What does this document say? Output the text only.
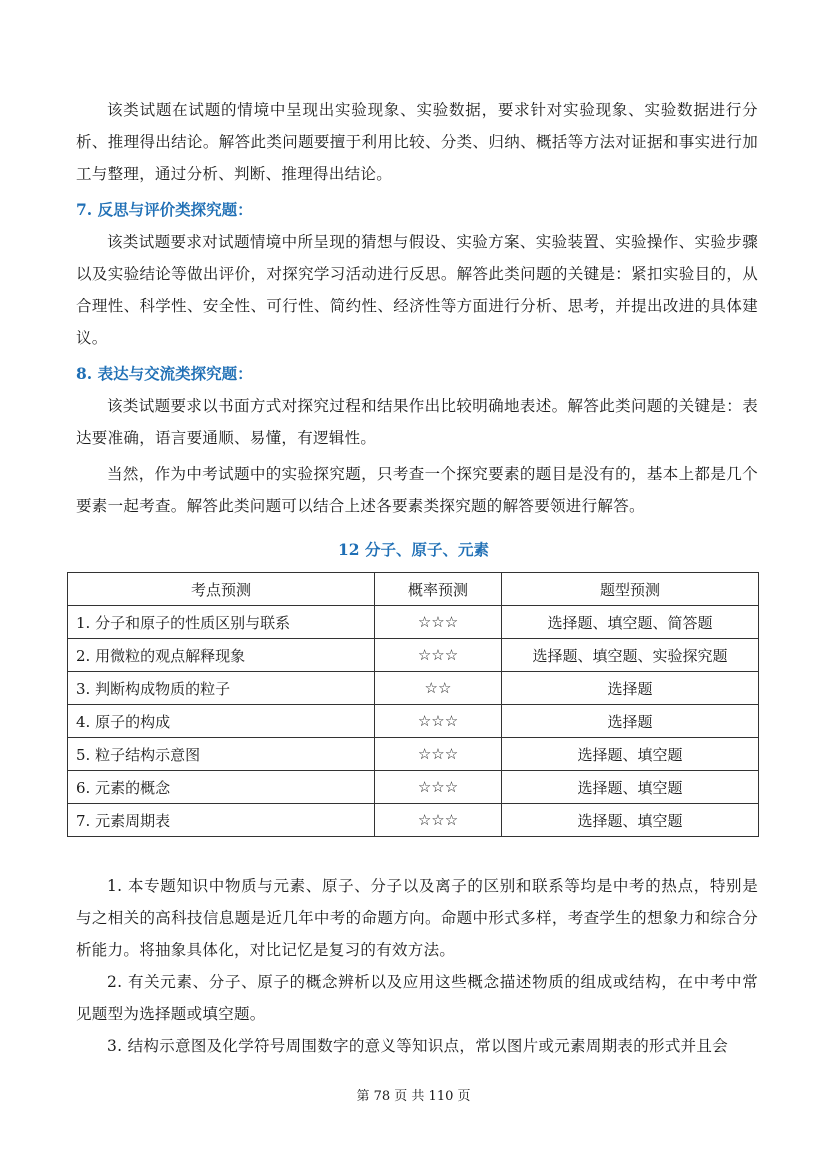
该类试题在试题的情境中呈现出实验现象、实验数据，要求针对实验现象、实验数据进行分析、推理得出结论。解答此类问题要擅于利用比较、分类、归纳、概括等方法对证据和事实进行加工与整理，通过分析、判断、推理得出结论。
7. 反思与评价类探究题：
该类试题要求对试题情境中所呈现的猜想与假设、实验方案、实验装置、实验操作、实验步骤以及实验结论等做出评价，对探究学习活动进行反思。解答此类问题的关键是：紧扣实验目的，从合理性、科学性、安全性、可行性、简约性、经济性等方面进行分析、思考，并提出改进的具体建议。
8. 表达与交流类探究题：
该类试题要求以书面方式对探究过程和结果作出比较明确地表述。解答此类问题的关键是：表达要准确，语言要通顺、易懂，有逻辑性。
当然，作为中考试题中的实验探究题，只考查一个探究要素的题目是没有的，基本上都是几个要素一起考查。解答此类问题可以结合上述各要素类探究题的解答要领进行解答。
12 分子、原子、元素
考点预测	概率预测	题型预测
1. 分子和原子的性质区别与联系	☆☆☆	选择题、填空题、简答题
2. 用微粒的观点解释现象	☆☆☆	选择题、填空题、实验探究题
3. 判断构成物质的粒子	☆☆	选择题
4. 原子的构成	☆☆☆	选择题
5. 粒子结构示意图	☆☆☆	选择题、填空题
6. 元素的概念	☆☆☆	选择题、填空题
7. 元素周期表	☆☆☆	选择题、填空题
1. 本专题知识中物质与元素、原子、分子以及离子的区别和联系等均是中考的热点，特别是与之相关的高科技信息题是近几年中考的命题方向。命题中形式多样，考查学生的想象力和综合分析能力。将抽象具体化，对比记忆是复习的有效方法。
2. 有关元素、分子、原子的概念辨析以及应用这些概念描述物质的组成或结构，在中考中常见题型为选择题或填空题。
3. 结构示意图及化学符号周围数字的意义等知识点，常以图片或元素周期表的形式并且会
第 78 页 共 110 页
